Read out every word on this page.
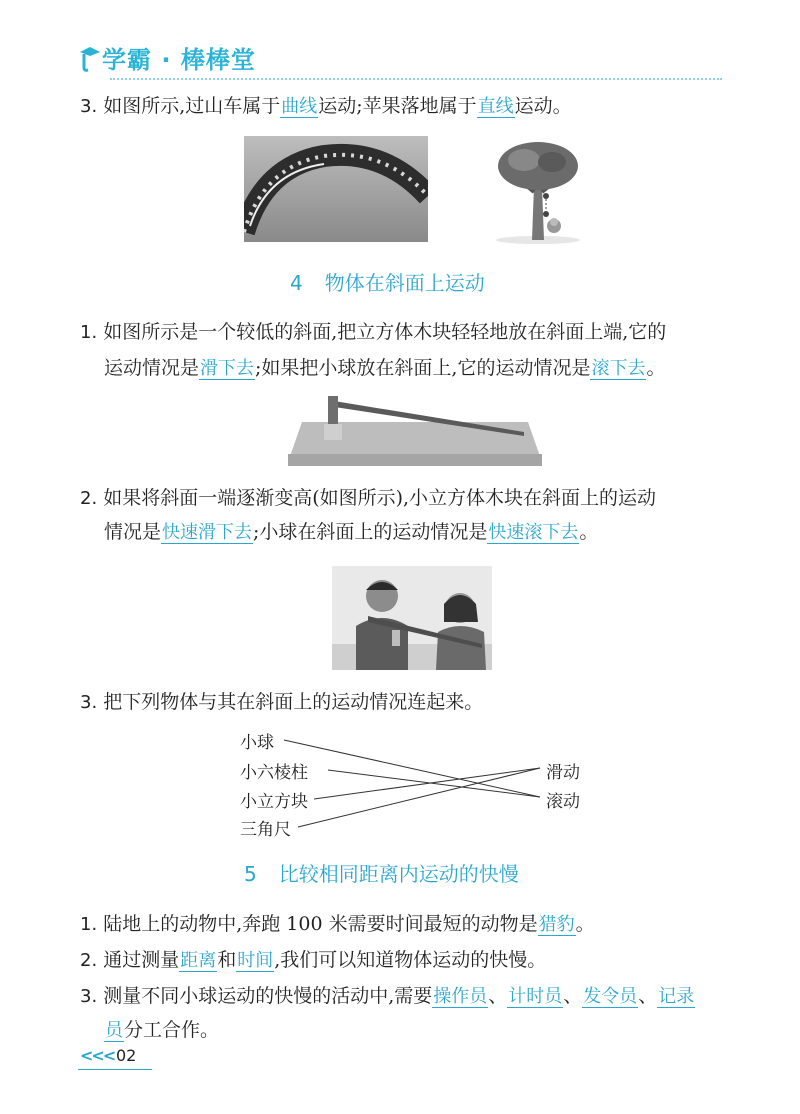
学霸 · 棒棒堂
3. 如图所示,过山车属于曲线运动;苹果落地属于直线运动。
4 物体在斜面上运动
1. 如图所示是一个较低的斜面,把立方体木块轻轻地放在斜面上端,它的
运动情况是滑下去;如果把小球放在斜面上,它的运动情况是滚下去。
2. 如果将斜面一端逐渐变高(如图所示),小立方体木块在斜面上的运动
情况是快速滑下去;小球在斜面上的运动情况是快速滚下去。
3. 把下列物体与其在斜面上的运动情况连起来。
小球
小六棱柱
小立方块
三角尺
滑动
滚动
5 比较相同距离内运动的快慢
1. 陆地上的动物中,奔跑 100 米需要时间最短的动物是猎豹。
2. 通过测量距离和时间,我们可以知道物体运动的快慢。
3. 测量不同小球运动的快慢的活动中,需要操作员、计时员、发令员、记录
员分工合作。
<<< 02
